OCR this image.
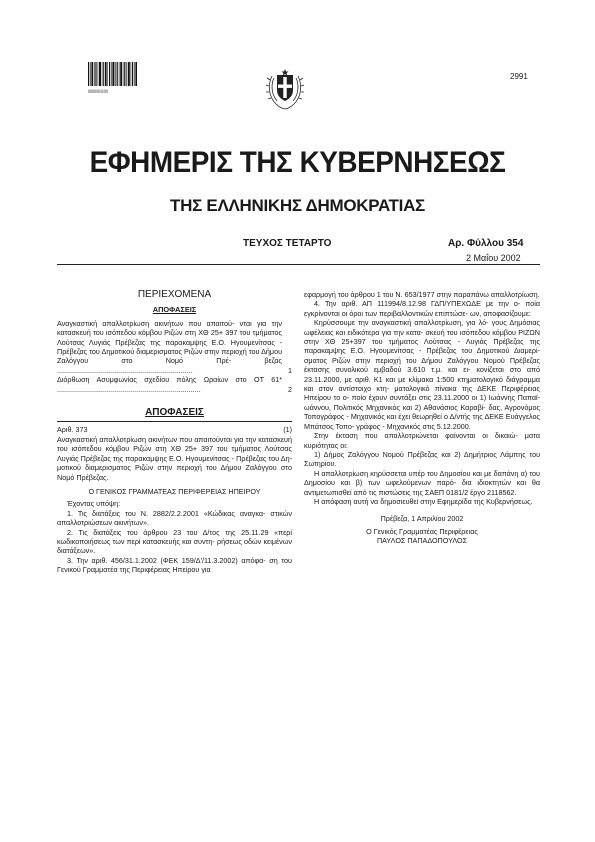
|||||||||||||||||||
2991
ΕΦΗΜΕΡΙΣ ΤΗΣ ΚΥΒΕΡΝΗΣΕΩΣ
ΤΗΣ ΕΛΛΗΝΙΚΗΣ ΔΗΜΟΚΡΑΤΙΑΣ
ΤΕΥΧΟΣ ΤΕΤΑΡΤΟ	Αρ. Φύλλου 354
2 Μαΐου 2002
ΠΕΡΙΕΧΟΜΕΝΑ
ΑΠΟΦΑΣΕΙΣ
Αναγκαστική απαλλοτρίωση ακινήτων που απαιτού- νται για την κατασκευή του ισόπεδου κόμβου Ριζών στη ΧΘ 25+ 397 του τμήματος Λούτσας Λυγιάς Πρέβεζας της παρακαμψης Ε.Ο. Ηγουμενίτσας - Πρέβεζας του Δημοτικού διαμερισματος Ριζών στην περιοχή του Δήμου Ζαλόγγου στο Νομό Πρέ- βεζας ....................................................................	1
Διόρθωση Ασυμφωνίας σχεδίου πόλης Ωραίων στο ΟΤ 61* ........................................................................	2
ΑΠΟΦΑΣΕΙΣ
Αριθ. 373	(1)

Αναγκαστική απαλλοτρίωση ακινήτων που απαιτούνται για την κατασκευή του ισόπεδου κόμβου Ριζών στη ΧΘ 25+ 397 του τμήματος Λούτσας Λυγιάς Πρέβεζας της παρακαμψης Ε.Ο. Ηγουμενίτσας - Πρέβεζας του Δη- μοτικού διαμερισματος Ριζών στην περιοχή του Δήμου Ζαλόγγου στο Νομό Πρέβεζας.

Ο ΓΕΝΙΚΟΣ ΓΡΑΜΜΑΤΕΑΣ ΠΕΡΙΦΕΡΕΙΑΣ ΗΠΕΙΡΟΥ

Έχοντας υπόψη:

1. Τις διατάξεις του Ν. 2882/2.2.2001 «Κώδικας αναγκα- στικών απαλλοτριώσεων ακινήτων».

2. Τις διατάξεις του άρθρου 23 του Δ/τος της 25.11.29 «περί κωδικοποιήσεως των περί κατασκευής και συντη- ρήσεως οδών κειμένων διατάξεων».

3. Την αριθ. 456/31.1.2002 (ΦΕΚ 159/Δ'/11.3.2002) απόφα- ση του Γενικού Γραμματέα της Περιφέρειας Ηπείρου για

εφαρμογή του άρθρου 1 του Ν. 653/1977 στην παραπάνω απαλλοτρίωση.

4. Την αριθ. ΑΠ 111994/8.12.98 ΓΔΠ/ΥΠΕΧΩΔΕ με την ο- ποία εγκρίνονται οι όροι των περιβαλλοντικών επιπτώσε- ων, αποφασίζουμε:

Κηρύσσουμε την αναγκαστική απαλλοτρίωση, για λό- γους Δημόσιας ωφέλειας και ειδικότερα για την κατα- σκευή του ισόπεδου κόμβου ΡΙΖΩΝ στην ΧΘ 25+397 του τμήματος Λούτσας - Λυγιάς Πρέβεζας της παρακαμψης Ε.Ο. Ηγουμενίτσας - Πρέβεζας του Δημοτικού Διαμερί- σματος Ριζών στην περιοχή του Δήμου Ζαλόγγου Νομού Πρέβεζας έκτασης συνολικού εμβαδού 3.610 τ.μ. και ει- κονίζεται στο από 23.11.2000, με αριθ. Κ1 και με κλίμακα 1:500 κτηματολογικό διάγραμμα και στον αντίστοιχο κτη- ματολογικό πίνακα της ΔΕΚΕ Περιφέρειας Ηπείρου το ο- ποίο έχουν συντάξει στις 23.11.2000 οι 1) Ιωάννης Παπαϊ- ωάννου, Πολιτικός Μηχανικός και 2) Αθανάσιος Καραβί- δας, Αγρονόμος Τοπογράφος - Μηχανικός και έχει θεωρηθεί ο Δ/ντής της ΔΕΚΕ Ευάγγελος Μπάτσος Τοπο- γράφος - Μηχανικός στις 5.12.2000.

Στην έκταση που απαλλοτριώνεται φαίνονται οι δικαιώ- ματα κυριότητας οι:

1) Δήμος Ζαλόγγου Νομού Πρέβεζας και 2) Δημήτριος Λάμπης του Σωτηρίου.

Η απαλλοτρίωση κηρύσσεται υπέρ του Δημοσίου και με δαπάνη α) του Δημοσίου και β) των ωφελούμενων παρό- δια ιδιοκτητών και θα αντιμετωπισθεί από τις πιστώσεις της ΣΑΕΠ 0181/2 έργο 2118562.

Η απόφαση αυτή να δημοσιευθεί στην Εφημερίδα της Κυβερνήσεως.

Πρέβεζα, 1 Απριλίου 2002

Ο Γενικός Γραμματέας Περιφέρειας

ΠΑΥΛΟΣ ΠΑΠΑΔΟΠΟΥΛΟΣ
